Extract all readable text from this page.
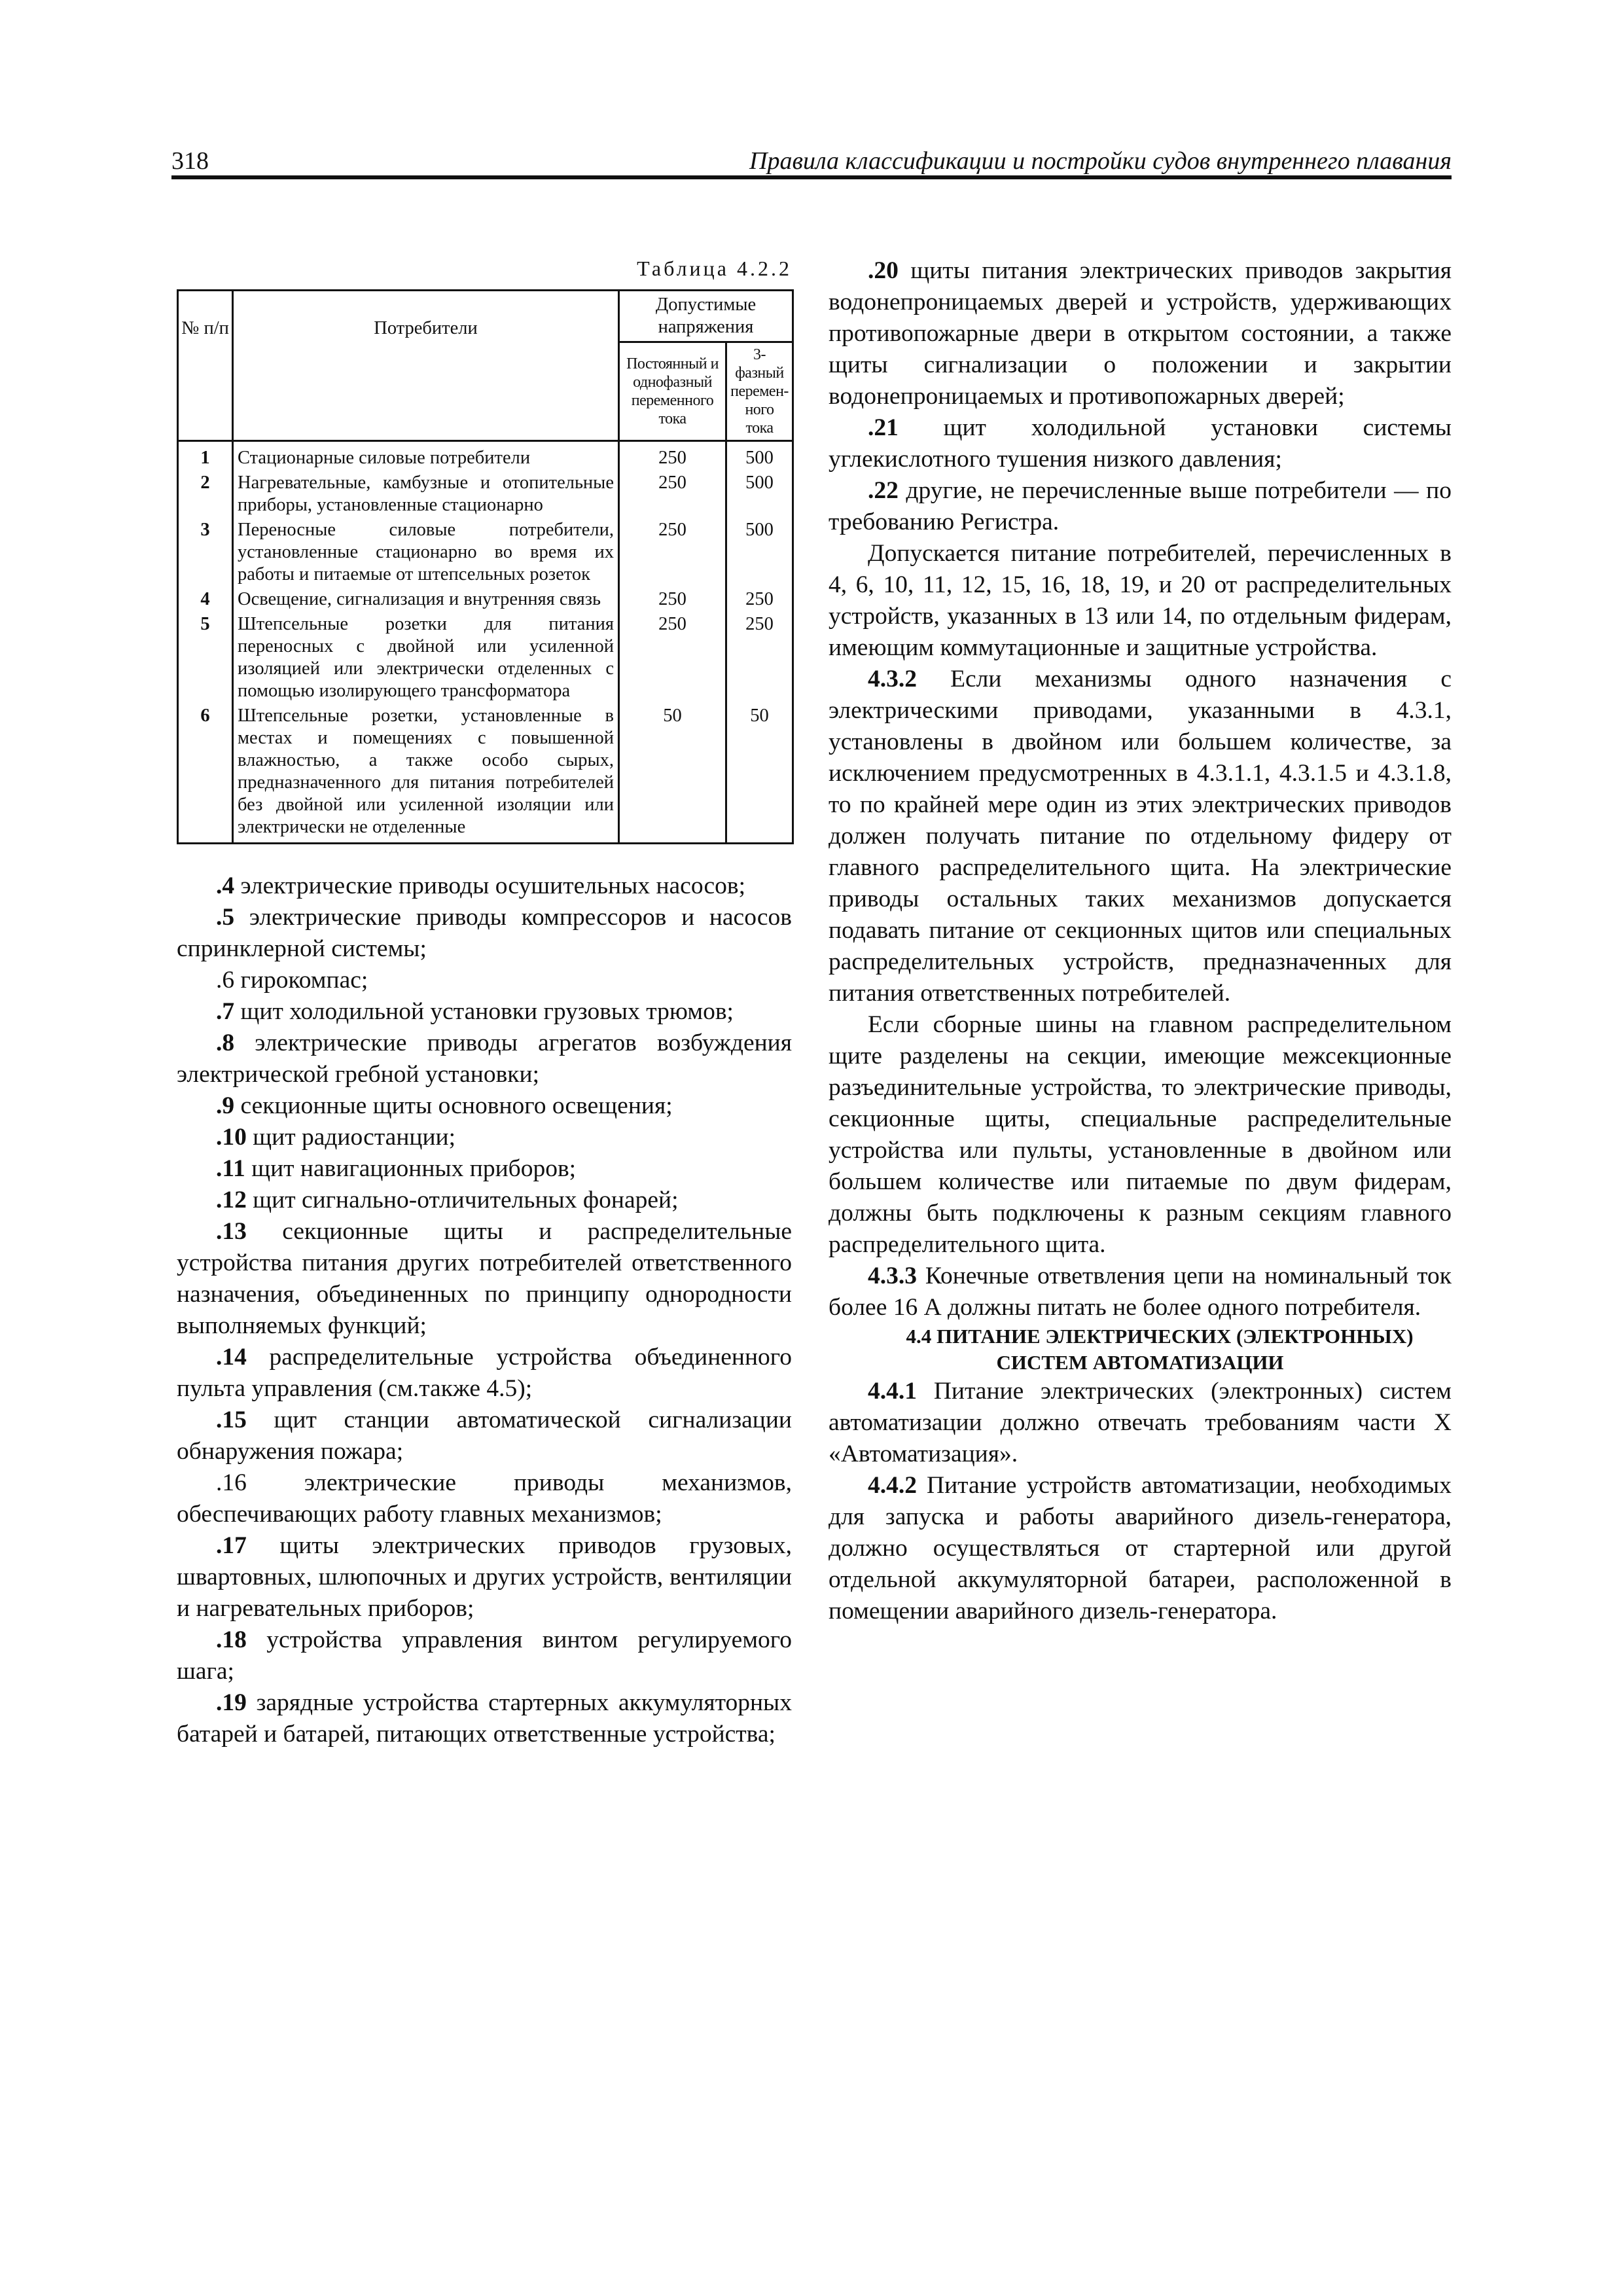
318	Правила классификации и постройки судов внутреннего плавания
Таблица 4.2.2
№ п/п	Потребители	Допустимые напряжения	
		Постоянный и однофазный переменного тока	3-фазный перемен-ного тока
1	Стационарные силовые потребители	250	500
2	Нагревательные, камбузные и отопительные приборы, установленные стационарно	250	500
3	Переносные силовые потребители, установленные стационарно во время их работы и питаемые от штепсельных розеток	250	500
4	Освещение, сигнализация и внутренняя связь	250	250
5	Штепсельные розетки для питания переносных с двойной или усиленной изоляцией или электрически отделенных с помощью изолирующего трансформатора	250	250
6	Штепсельные розетки, установленные в местах и помещениях с повышенной влажностью, а также особо сырых, предназначенного для питания потребителей без двойной или усиленной изоляции или электрически не отделенные	50	50

.4 электрические приводы осушительных насосов;

.5 электрические приводы компрессоров и насосов спринклерной системы;

.6 гирокомпас;

.7 щит холодильной установки грузовых трюмов;

.8 электрические приводы агрегатов возбуждения электрической гребной установки;

.9 секционные щиты основного освещения;

.10 щит радиостанции;

.11 щит навигационных приборов;

.12 щит сигнально-отличительных фонарей;

.13 секционные щиты и распределительные устройства питания других потребителей ответственного назначения, объединенных по принципу однородности выполняемых функций;

.14 распределительные устройства объединенного пульта управления (см.также 4.5);

.15 щит станции автоматической сигнализации обнаружения пожара;

.16 электрические приводы механизмов, обеспечивающих работу главных механизмов;

.17 щиты электрических приводов грузовых, швартовных, шлюпочных и других устройств, вентиляции и нагревательных приборов;

.18 устройства управления винтом регулируемого шага;

.19 зарядные устройства стартерных аккумуляторных батарей и батарей, питающих ответственные устройства;

.20 щиты питания электрических приводов закрытия водонепроницаемых дверей и устройств, удерживающих противопожарные двери в открытом состоянии, а также щиты сигнализации о положении и закрытии водонепроницаемых и противопожарных дверей;

.21 щит холодильной установки системы углекислотного тушения низкого давления;

.22 другие, не перечисленные выше потребители — по требованию Регистра.

Допускается питание потребителей, перечисленных в 4, 6, 10, 11, 12, 15, 16, 18, 19, и 20 от распределительных устройств, указанных в 13 или 14, по отдельным фидерам, имеющим коммутационные и защитные устройства.

4.3.2 Если механизмы одного назначения с электрическими приводами, указанными в 4.3.1, установлены в двойном или большем количестве, за исключением предусмотренных в 4.3.1.1, 4.3.1.5 и 4.3.1.8, то по крайней мере один из этих электрических приводов должен получать питание по отдельному фидеру от главного распределительного щита. На электрические приводы остальных таких механизмов допускается подавать питание от секционных щитов или специальных распределительных устройств, предназначенных для питания ответственных потребителей.

Если сборные шины на главном распределительном щите разделены на секции, имеющие межсекционные разъединительные устройства, то электрические приводы, секционные щиты, специальные распределительные устройства или пульты, установленные в двойном или большем количестве или питаемые по двум фидерам, должны быть подключены к разным секциям главного распределительного щита.

4.3.3 Конечные ответвления цепи на номинальный ток более 16 А должны питать не более одного потребителя.

4.4 ПИТАНИЕ ЭЛЕКТРИЧЕСКИХ (ЭЛЕКТРОННЫХ) СИСТЕМ АВТОМАТИЗАЦИИ

4.4.1 Питание электрических (электронных) систем автоматизации должно отвечать требованиям части X «Автоматизация».

4.4.2 Питание устройств автоматизации, необходимых для запуска и работы аварийного дизель-генератора, должно осуществляться от стартерной или другой отдельной аккумуляторной батареи, расположенной в помещении аварийного дизель-генератора.
